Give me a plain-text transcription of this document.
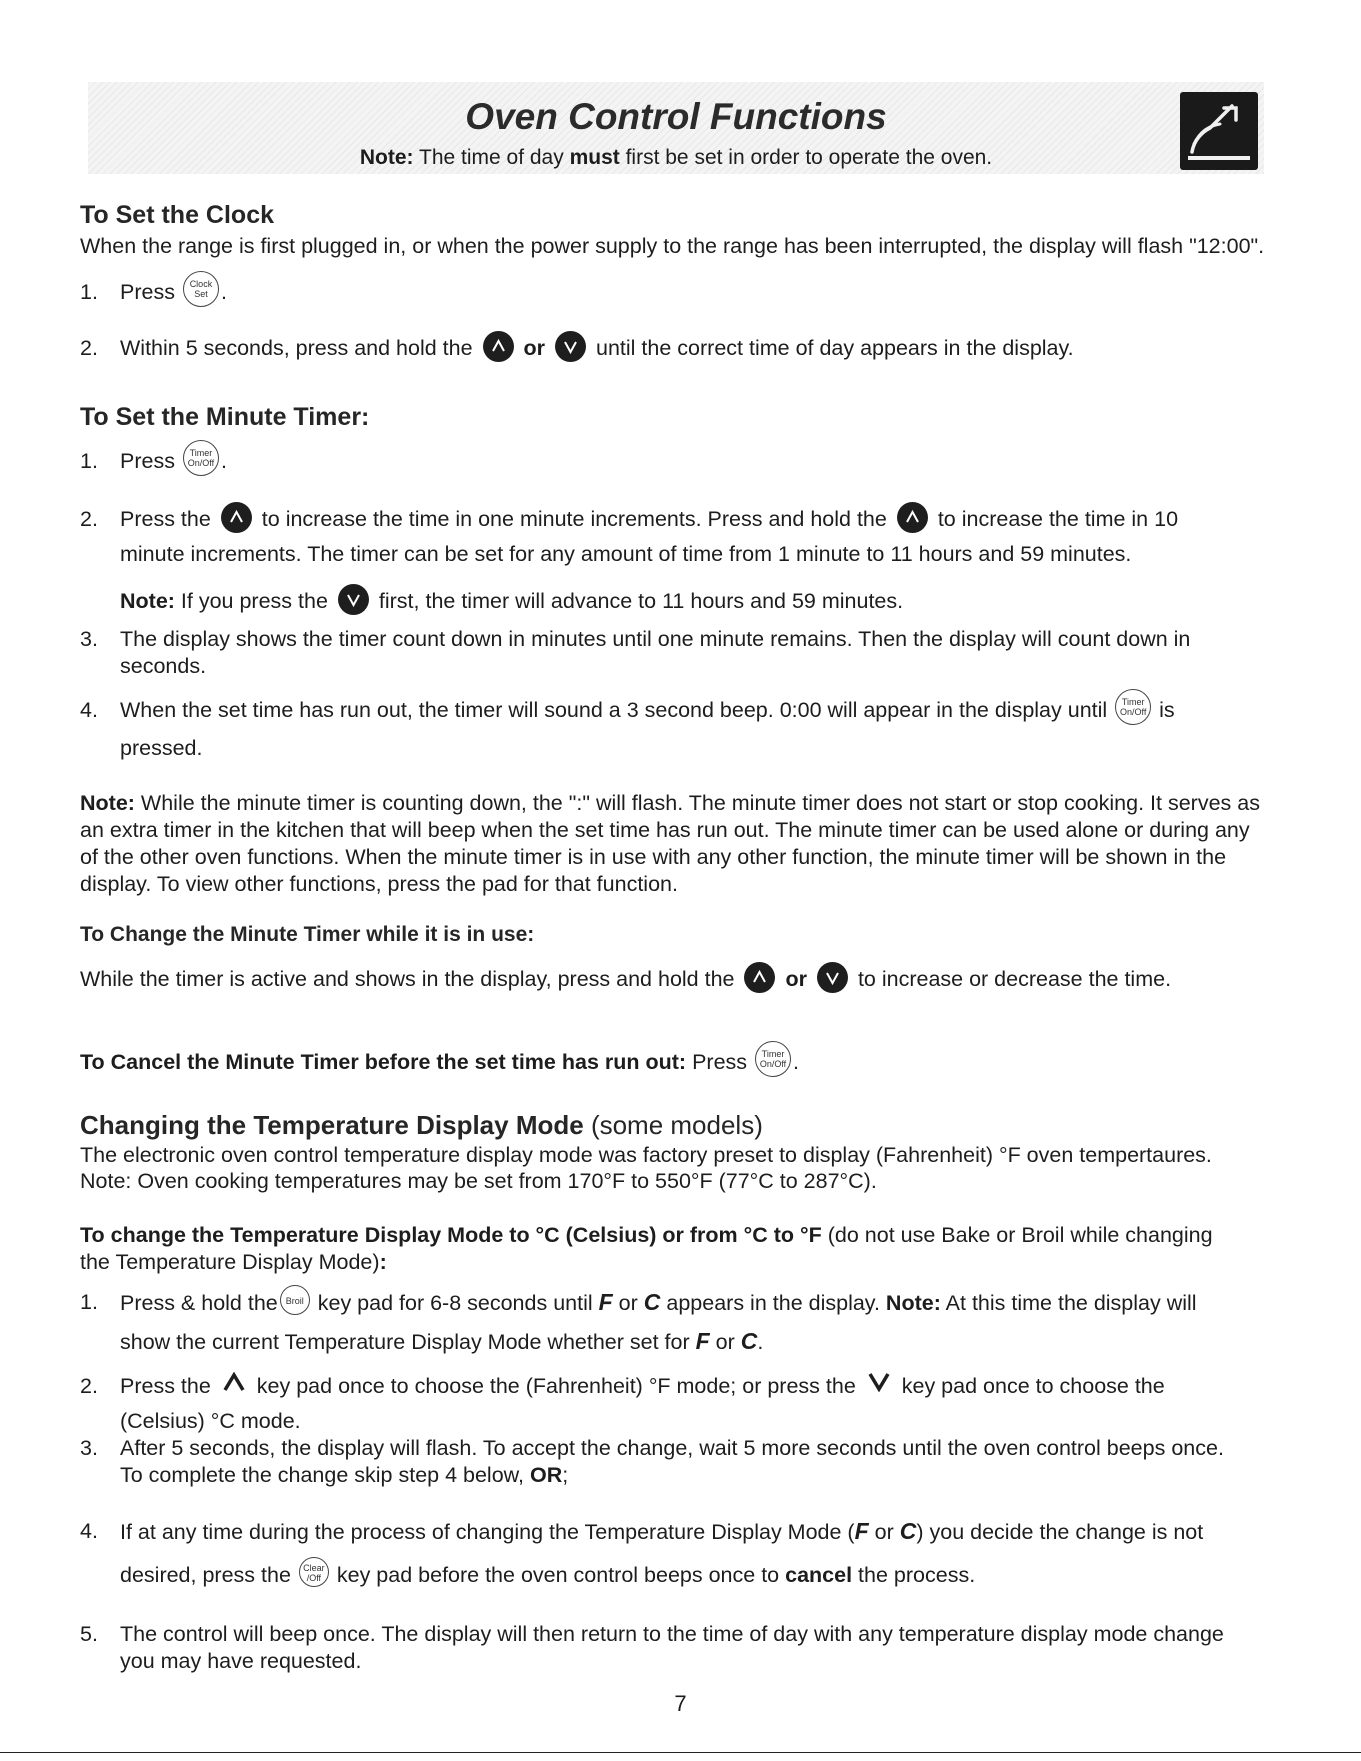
Oven Control Functions
Note: The time of day must first be set in order to operate the oven.
To Set the Clock
When the range is first plugged in, or when the power supply to the range has been interrupted, the display will flash "12:00".
1.	Press	Clock
Set .
2.	Within 5 seconds, press and hold the or until the correct time of day appears in the display.
To Set the Minute Timer:
1.	Press	Timer
On/Off .
2.	Press the to increase the time in one minute increments. Press and hold the to increase the time in 10
minute increments. The timer can be set for any amount of time from 1 minute to 11 hours and 59 minutes.
Note: If you press the first, the timer will advance to 11 hours and 59 minutes.
3.	The display shows the timer count down in minutes until one minute remains. Then the display will count down in seconds.
4.	When the set time has run out, the timer will sound a 3 second beep. 0:00 will appear in the display until	Timer
On/Off is
pressed.
Note: While the minute timer is counting down, the ":" will flash. The minute timer does not start or stop cooking. It serves as an extra timer in the kitchen that will beep when the set time has run out. The minute timer can be used alone or during any of the other oven functions. When the minute timer is in use with any other function, the minute timer will be shown in the display. To view other functions, press the pad for that function.
To Change the Minute Timer while it is in use:
While the timer is active and shows in the display, press and hold the or to increase or decrease the time.
To Cancel the Minute Timer before the set time has run out: Press	Timer
On/Off .
Changing the Temperature Display Mode (some models)
The electronic oven control temperature display mode was factory preset to display (Fahrenheit) °F oven tempertaures.
Note: Oven cooking temperatures may be set from 170°F to 550°F (77°C to 287°C).
To change the Temperature Display Mode to °C (Celsius) or from °C to °F (do not use Bake or Broil while changing
the Temperature Display Mode):
1.	Press & hold the Broil key pad for 6-8 seconds until F or C appears in the display. Note: At this time the display will
show the current Temperature Display Mode whether set for F or C.
2.	Press the key pad once to choose the (Fahrenheit) °F mode; or press the key pad once to choose the
(Celsius) °C mode.
3.	After 5 seconds, the display will flash. To accept the change, wait 5 more seconds until the oven control beeps once.
To complete the change skip step 4 below, OR;
4.	If at any time during the process of changing the Temperature Display Mode (F or C) you decide the change is not
desired, press the	Clear
/Off key pad before the oven control beeps once to cancel the process.
5.	The control will beep once. The display will then return to the time of day with any temperature display mode change you may have requested.
7
